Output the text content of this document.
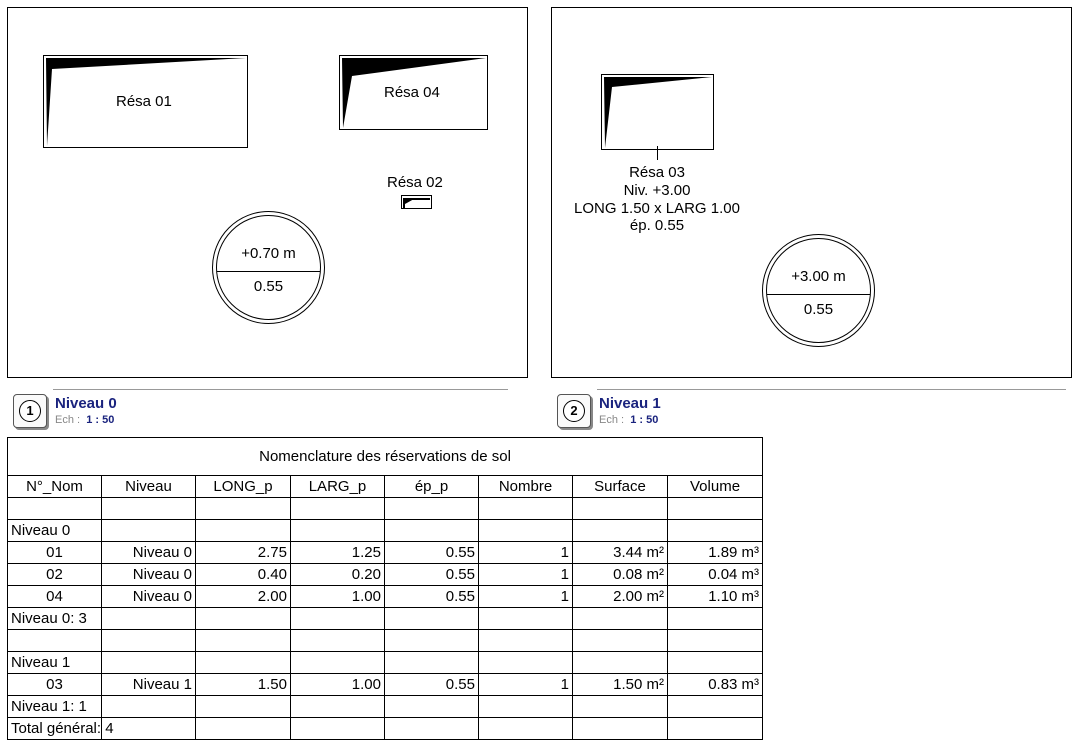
Résa 01
Résa 04
Résa 02
+0.70 m
0.55
Résa 03
Niv. +3.00
LONG 1.50 x LARG 1.00
ép. 0.55
+3.00 m
0.55
1	Niveau 0
Ech : 1 : 50
2	Niveau 1
Ech : 1 : 50
Nomenclature des réservations de sol							
N°_Nom	Niveau	LONG_p	LARG_p	ép_p	Nombre	Surface	Volume

Niveau 0							
01	Niveau 0	2.75	1.25	0.55	1	3.44 m²	1.89 m³
02	Niveau 0	0.40	0.20	0.55	1	0.08 m²	0.04 m³
04	Niveau 0	2.00	1.00	0.55	1	2.00 m²	1.10 m³
Niveau 0: 3							

Niveau 1							
03	Niveau 1	1.50	1.00	0.55	1	1.50 m²	0.83 m³
Niveau 1: 1							
Total général: 4							
